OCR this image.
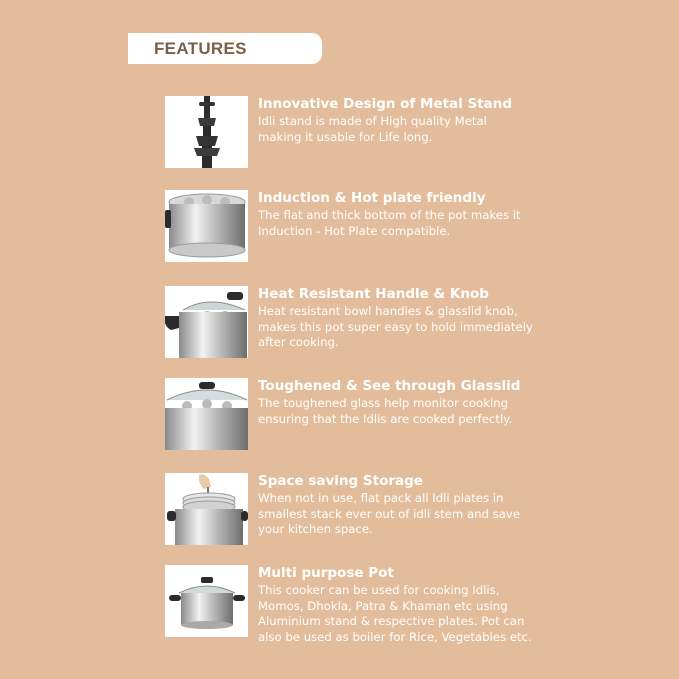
FEATURES
Innovative Design of Metal Stand
Idli stand is made of High quality Metal
making it usable for Life long.
Induction & Hot plate friendly
The flat and thick bottom of the pot makes it
Induction - Hot Plate compatible.
Heat Resistant Handle & Knob
Heat resistant bowl handles & glasslid knob,
makes this pot super easy to hold immediately
after cooking.
Toughened & See through Glasslid
The toughened glass help monitor cooking
ensuring that the Idlis are cooked perfectly.
Space saving Storage
When not in use, flat pack all Idli plates in
smallest stack ever out of idli stem and save
your kitchen space.
Multi purpose Pot
This cooker can be used for cooking Idlis,
Momos, Dhokla, Patra & Khaman etc using
Aluminium stand & respective plates. Pot can
also be used as boiler for Rice, Vegetables etc.
